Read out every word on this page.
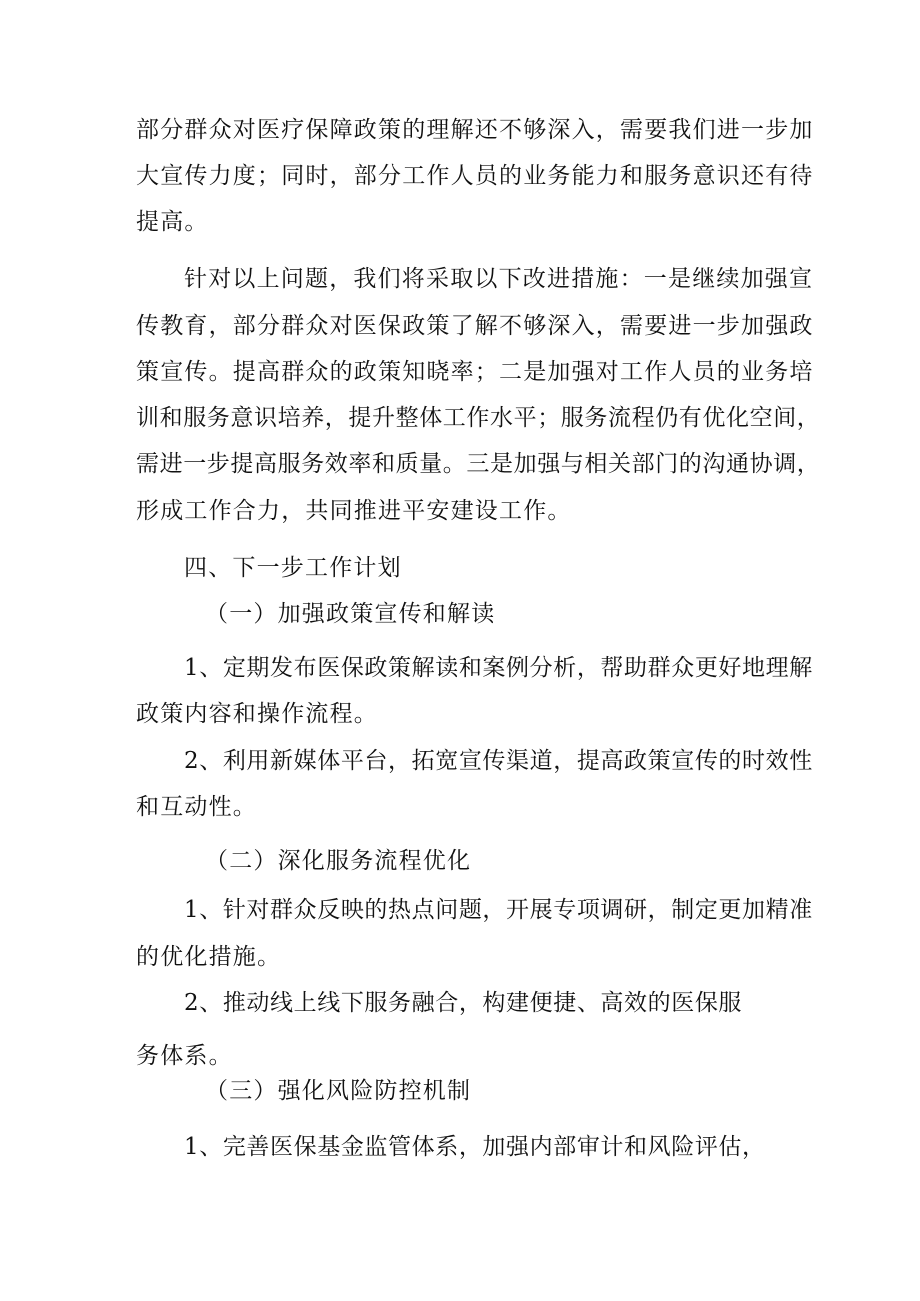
部分群众对医疗保障政策的理解还不够深入，需要我们进一步加
大宣传力度；同时，部分工作人员的业务能力和服务意识还有待
提高。
针对以上问题，我们将采取以下改进措施：一是继续加强宣
传教育，部分群众对医保政策了解不够深入，需要进一步加强政
策宣传。提高群众的政策知晓率；二是加强对工作人员的业务培
训和服务意识培养，提升整体工作水平；服务流程仍有优化空间，
需进一步提高服务效率和质量。三是加强与相关部门的沟通协调，
形成工作合力，共同推进平安建设工作。
四、下一步工作计划
（一）加强政策宣传和解读
1、定期发布医保政策解读和案例分析，帮助群众更好地理解
政策内容和操作流程。
2、利用新媒体平台，拓宽宣传渠道，提高政策宣传的时效性
和互动性。
（二）深化服务流程优化
1、针对群众反映的热点问题，开展专项调研，制定更加精准
的优化措施。
2、推动线上线下服务融合，构建便捷、高效的医保服
务体系。
（三）强化风险防控机制
1、完善医保基金监管体系，加强内部审计和风险评估，
